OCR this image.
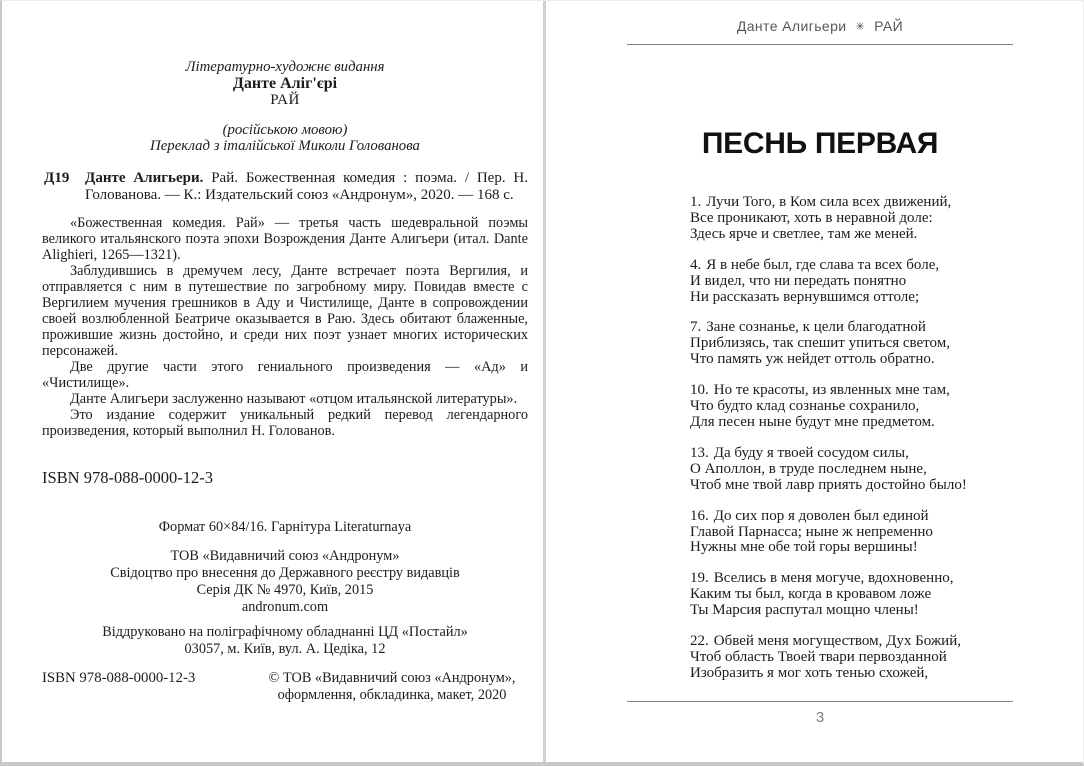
Літературно-художнє видання
Данте Аліг'єрі
РАЙ
(російською мовою)
Переклад з італійської Миколи Голованова
Д19 Данте Алигьери. Рай. Божественная комедия : поэма. / Пер. Н. Голованова. — К.: Издательский союз «Андронум», 2020. — 168 с.

«Божественная комедия. Рай» — третья часть шедевральной поэмы великого итальянского поэта эпохи Возрождения Данте Алигьери (итал. Dante Alighieri, 1265—1321).

Заблудившись в дремучем лесу, Данте встречает поэта Вергилия, и отправляется с ним в путешествие по загробному миру. Повидав вместе с Вергилием мучения грешников в Аду и Чистилище, Данте в сопровождении своей возлюбленной Беатриче оказывается в Раю. Здесь обитают блаженные, прожившие жизнь достойно, и среди них поэт узнает многих исторических персонажей.

Две другие части этого гениального произведения — «Ад» и «Чистилище».

Данте Алигьери заслуженно называют «отцом итальянской литературы».

Это издание содержит уникальный редкий перевод легендарного произведения, который выполнил Н. Голованов.

ISBN 978-088-0000-12-3
Формат 60×84/16. Гарнітура Literaturnaya
ТОВ «Видавничий союз «Андронум»
Свідоцтво про внесення до Державного реєстру видавців
Серія ДК № 4970, Київ, 2015
andronum.com
Віддруковано на поліграфічному обладнанні ЦД «Постайл»
03057, м. Київ, вул. А. Цедіка, 12
ISBN 978-088-0000-12-3	© ТОВ «Видавничий союз «Андронум»,
оформлення, обкладинка, макет, 2020
Данте Алигьери ✳ РАЙ
ПЕСНЬ ПЕРВАЯ
1. Лучи Того, в Ком сила всех движений,
Все проникают, хоть в неравной доле:
Здесь ярче и светлее, там же меней.
4. Я в небе был, где слава та всех боле,
И видел, что ни передать понятно
Ни рассказать вернувшимся оттоле;
7. Зане сознанье, к цели благодатной
Приблизясь, так спешит упиться светом,
Что память уж нейдет оттоль обратно.
10. Но те красоты, из явленных мне там,
Что будто клад сознанье сохранило,
Для песен ныне будут мне предметом.
13. Да буду я твоей сосудом силы,
О Аполлон, в труде последнем ныне,
Чтоб мне твой лавр приять достойно было!
16. До сих пор я доволен был единой
Главой Парнасса; ныне ж непременно
Нужны мне обе той горы вершины!
19. Вселись в меня могуче, вдохновенно,
Каким ты был, когда в кровавом ложе
Ты Марсия распутал мощно члены!
22. Обвей меня могуществом, Дух Божий,
Чтоб область Твоей твари первозданной
Изобразить я мог хоть тенью схожей,
3
